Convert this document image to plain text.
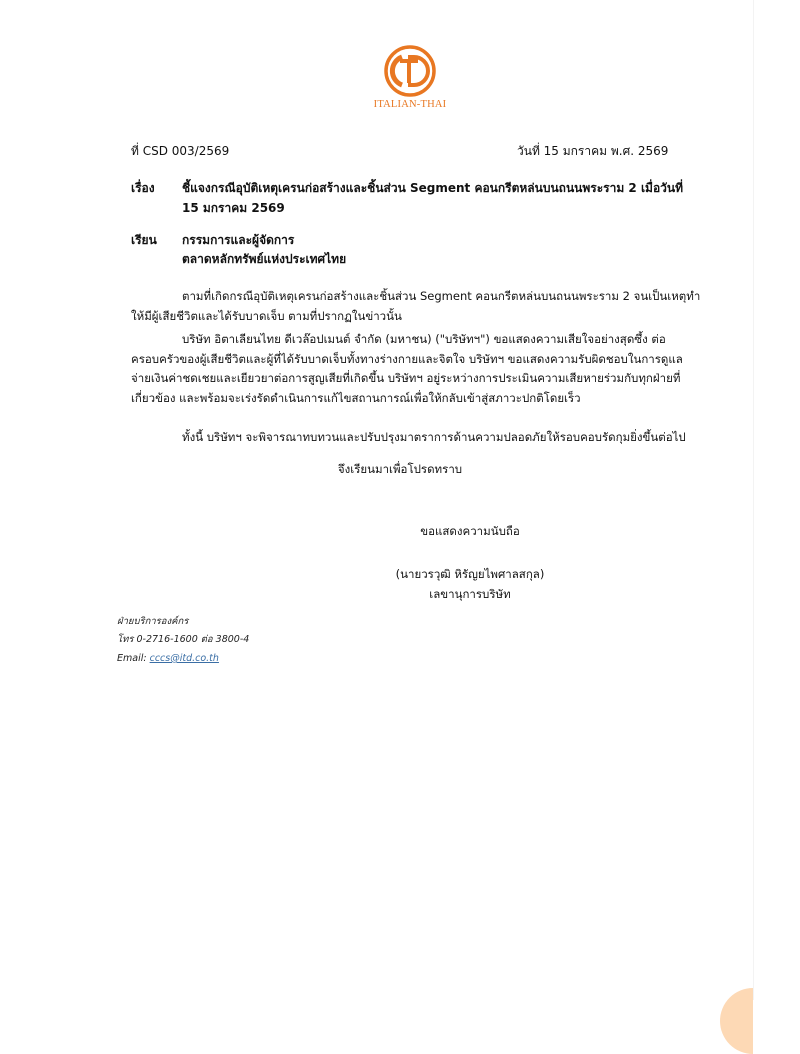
ITALIAN-THAI
ที่ CSD 003/2569	วันที่ 15 มกราคม พ.ศ. 2569
เรื่อง ชี้แจงกรณีอุบัติเหตุเครนก่อสร้างและชิ้นส่วน Segment คอนกรีตหล่นบนถนนพระราม 2 เมื่อวันที่
15 มกราคม 2569
เรียน กรรมการและผู้จัดการ
ตลาดหลักทรัพย์แห่งประเทศไทย
ตามที่เกิดกรณีอุบัติเหตุเครนก่อสร้างและชิ้นส่วน Segment คอนกรีตหล่นบนถนนพระราม 2 จนเป็นเหตุทำ
ให้มีผู้เสียชีวิตและได้รับบาดเจ็บ ตามที่ปรากฏในข่าวนั้น
บริษัท อิตาเลียนไทย ดีเวล๊อปเมนต์ จำกัด (มหาชน) ("บริษัทฯ") ขอแสดงความเสียใจอย่างสุดซึ้ง ต่อ
ครอบครัวของผู้เสียชีวิตและผู้ที่ได้รับบาดเจ็บทั้งทางร่างกายและจิตใจ บริษัทฯ ขอแสดงความรับผิดชอบในการดูแล
จ่ายเงินค่าชดเชยและเยียวยาต่อการสูญเสียที่เกิดขึ้น บริษัทฯ อยู่ระหว่างการประเมินความเสียหายร่วมกับทุกฝ่ายที่
เกี่ยวข้อง และพร้อมจะเร่งรัดดำเนินการแก้ไขสถานการณ์เพื่อให้กลับเข้าสู่สภาวะปกติโดยเร็ว
ทั้งนี้ บริษัทฯ จะพิจารณาทบทวนและปรับปรุงมาตราการด้านความปลอดภัยให้รอบคอบรัดกุมยิ่งขึ้นต่อไป
จึงเรียนมาเพื่อโปรดทราบ
ขอแสดงความนับถือ
(นายวรวุฒิ หิรัญยไพศาลสกุล)
เลขานุการบริษัท
ฝ่ายบริการองค์กร
โทร 0-2716-1600 ต่อ 3800-4
Email: cccs@itd.co.th
